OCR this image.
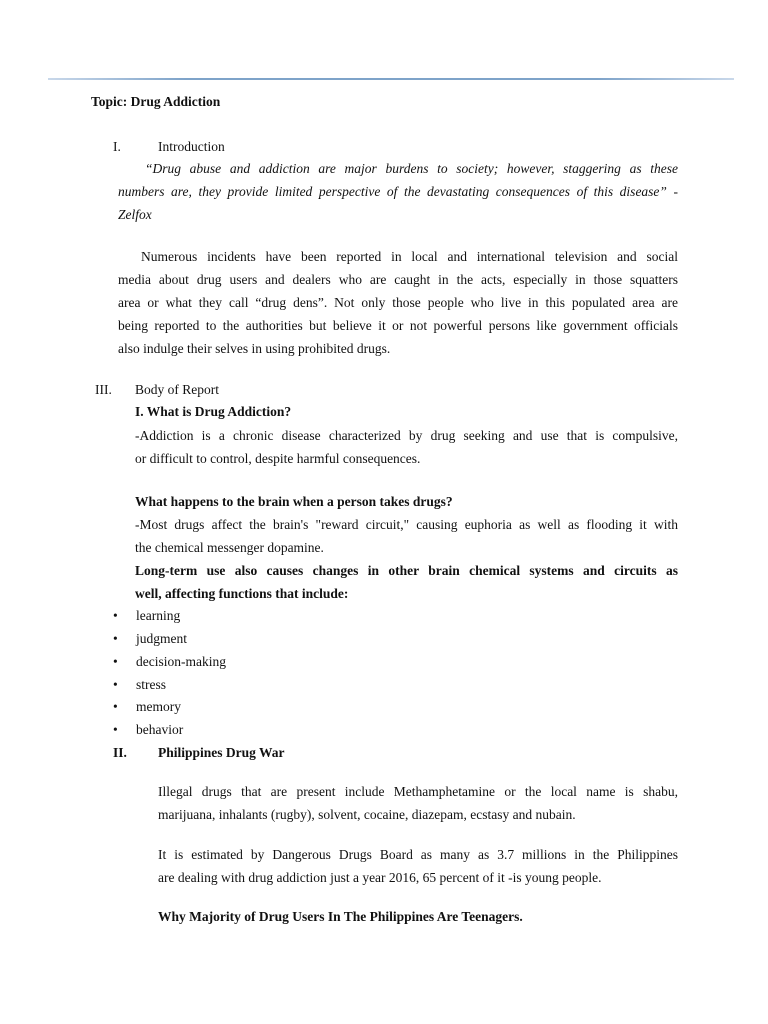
Topic: Drug Addiction
I.	Introduction
“Drug abuse and addiction are major burdens to society; however, staggering as these
numbers are, they provide limited perspective of the devastating consequences of this disease” -
Zelfox
Numerous incidents have been reported in local and international television and social
media about drug users and dealers who are caught in the acts, especially in those squatters
area or what they call “drug dens”. Not only those people who live in this populated area are
being reported to the authorities but believe it or not powerful persons like government officials
also indulge their selves in using prohibited drugs.
III. Body of Report
I. What is Drug Addiction?
-Addiction is a chronic disease characterized by drug seeking and use that is compulsive,
or difficult to control, despite harmful consequences.
What happens to the brain when a person takes drugs?
-Most drugs affect the brain's "reward circuit," causing euphoria as well as flooding it with
the chemical messenger dopamine.
Long-term use also causes changes in other brain chemical systems and circuits as
well, affecting functions that include:
• learning
• judgment
• decision-making
• stress
• memory
• behavior
II. Philippines Drug War
Illegal drugs that are present include Methamphetamine or the local name is shabu,
marijuana, inhalants (rugby), solvent, cocaine, diazepam, ecstasy and nubain.
It is estimated by Dangerous Drugs Board as many as 3.7 millions in the Philippines
are dealing with drug addiction just a year 2016, 65 percent of it -is young people.
Why Majority of Drug Users In The Philippines Are Teenagers.
